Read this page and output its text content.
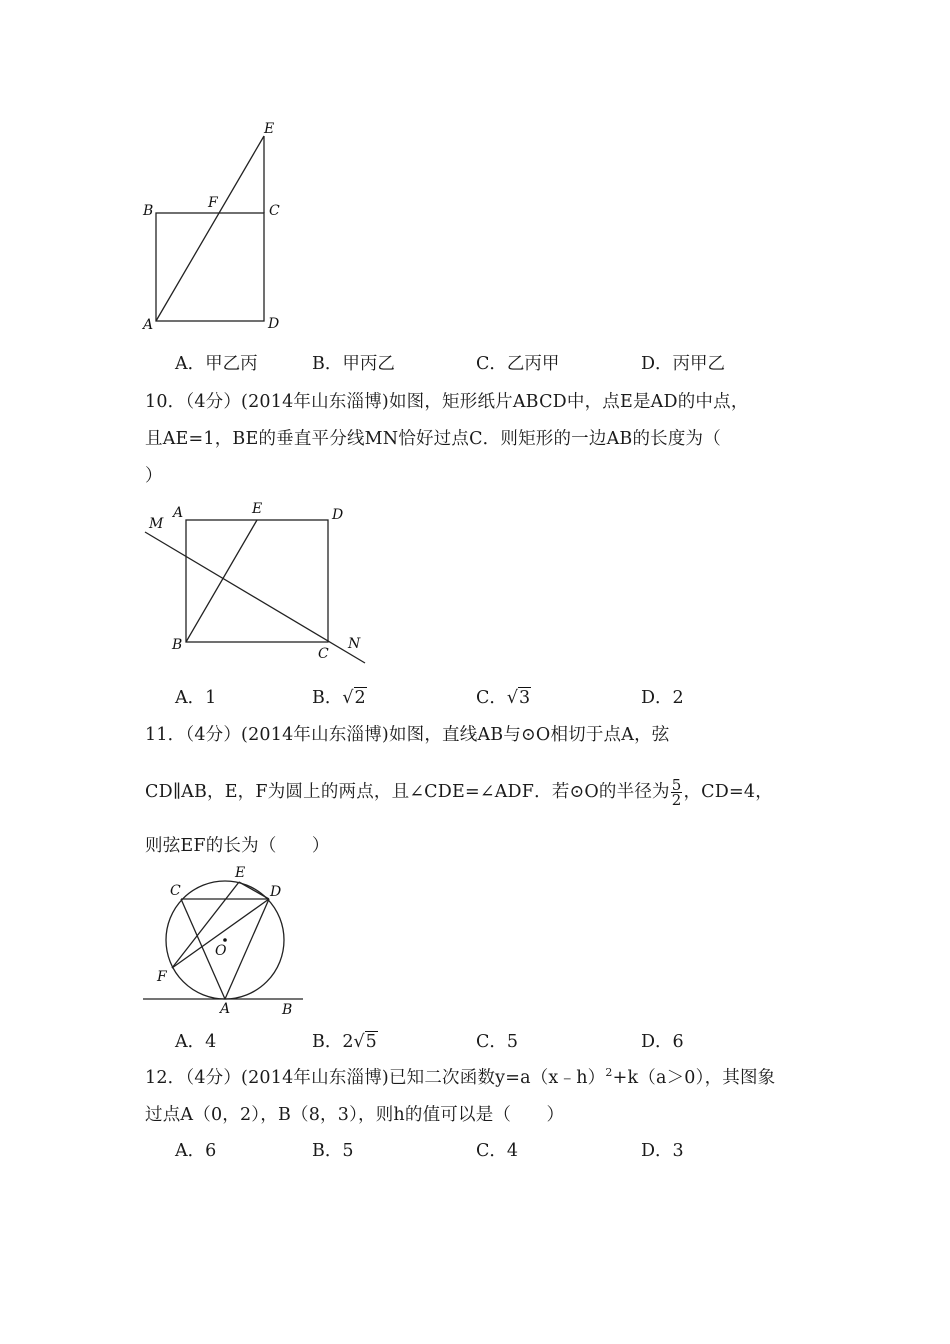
E
B	F	C
A	D
A．甲乙丙	B．甲丙乙	C．乙丙甲	D．丙甲乙
10．（4分）(2014年山东淄博)如图，矩形纸片ABCD中，点E是AD的中点，
且AE=1，BE的垂直平分线MN恰好过点C．则矩形的一边AB的长度为（
）
M
A	E	D
B
C
N
A．1	B．√2	C．√3	D．2
11．（4分）(2014年山东淄博)如图，直线AB与⊙O相切于点A，弦
CD∥AB，E，F为圆上的两点，且∠CDE=∠ADF．若⊙O的半径为 $\frac{5}{2}$ ，CD=4，
则弦EF的长为（　　）
C
E
D
O
F
A	B
A．4	B．2√5	C．5	D．6
12．（4分）(2014年山东淄博)已知二次函数y=a（x﹣h）$^2$+k（a＞0），其图象
过点A（0，2），B（8，3），则h的值可以是（　　）
A．6	B．5	C．4	D．3
